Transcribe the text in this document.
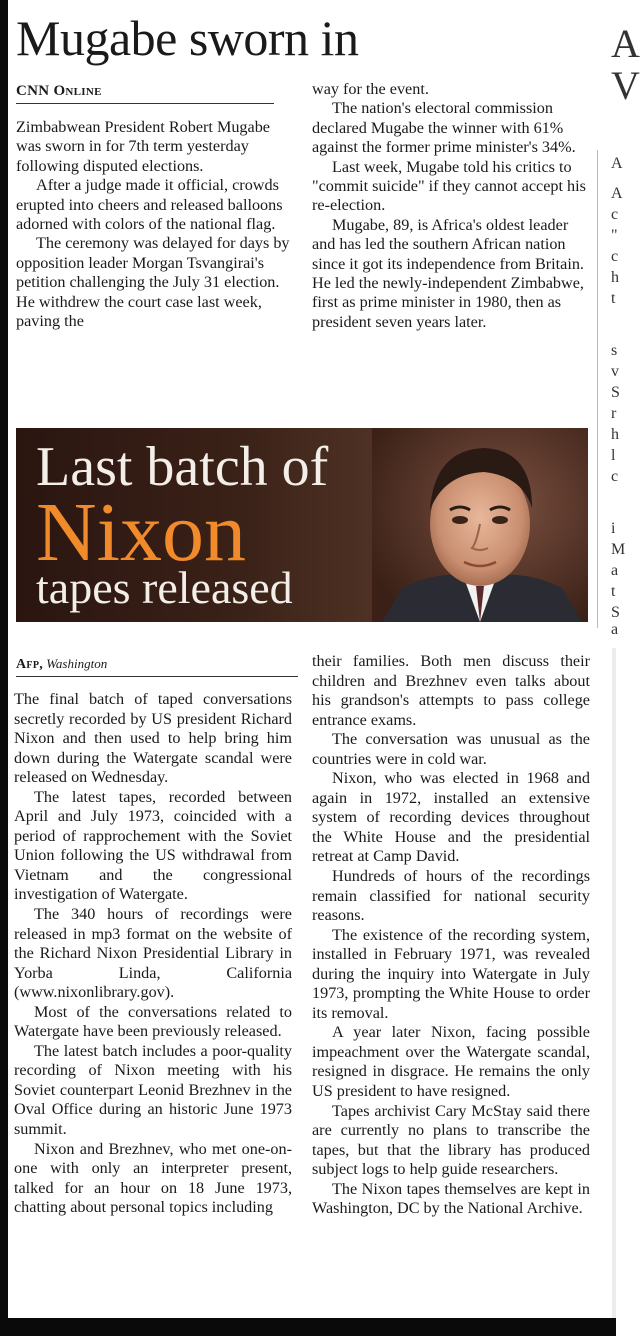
Mugabe sworn in
CNN Online

Zimbabwean President Robert Mugabe was sworn in for 7th term yesterday following disputed elections.

After a judge made it official, crowds erupted into cheers and released balloons adorned with colors of the national flag.

The ceremony was delayed for days by opposition leader Morgan Tsvangirai's petition challenging the July 31 election. He withdrew the court case last week, paving the

way for the event.

The nation's electoral commission declared Mugabe the winner with 61% against the former prime minister's 34%.

Last week, Mugabe told his critics to "commit suicide" if they cannot accept his re-election.

Mugabe, 89, is Africa's oldest leader and has led the southern African nation since it got its independence from Britain. He led the newly-independent Zimbabwe, first as prime minister in 1980, then as president seven years later.

A
V
A
A
c
"
c
h
t
s
v
S
r
h
l
c
i
M
a
t
S
a
Last batch of
Nixon
tapes released
Afp, Washington

The final batch of taped conversations secretly recorded by US president Richard Nixon and then used to help bring him down during the Watergate scandal were released on Wednesday.

The latest tapes, recorded between April and July 1973, coincided with a period of rapprochement with the Soviet Union following the US withdrawal from Vietnam and the congressional investigation of Watergate.

The 340 hours of recordings were released in mp3 format on the website of the Richard Nixon Presidential Library in Yorba Linda, California (www.nixonlibrary.gov).

Most of the conversations related to Watergate have been previously released.

The latest batch includes a poor-quality recording of Nixon meeting with his Soviet counterpart Leonid Brezhnev in the Oval Office during an historic June 1973 summit.

Nixon and Brezhnev, who met one-on-one with only an interpreter present, talked for an hour on 18 June 1973, chatting about personal topics including

their families. Both men discuss their children and Brezhnev even talks about his grandson's attempts to pass college entrance exams.

The conversation was unusual as the countries were in cold war.

Nixon, who was elected in 1968 and again in 1972, installed an extensive system of recording devices throughout the White House and the presidential retreat at Camp David.

Hundreds of hours of the recordings remain classified for national security reasons.

The existence of the recording system, installed in February 1971, was revealed during the inquiry into Watergate in July 1973, prompting the White House to order its removal.

A year later Nixon, facing possible impeachment over the Watergate scandal, resigned in disgrace. He remains the only US president to have resigned.

Tapes archivist Cary McStay said there are currently no plans to transcribe the tapes, but that the library has produced subject logs to help guide researchers.

The Nixon tapes themselves are kept in Washington, DC by the National Archive.
